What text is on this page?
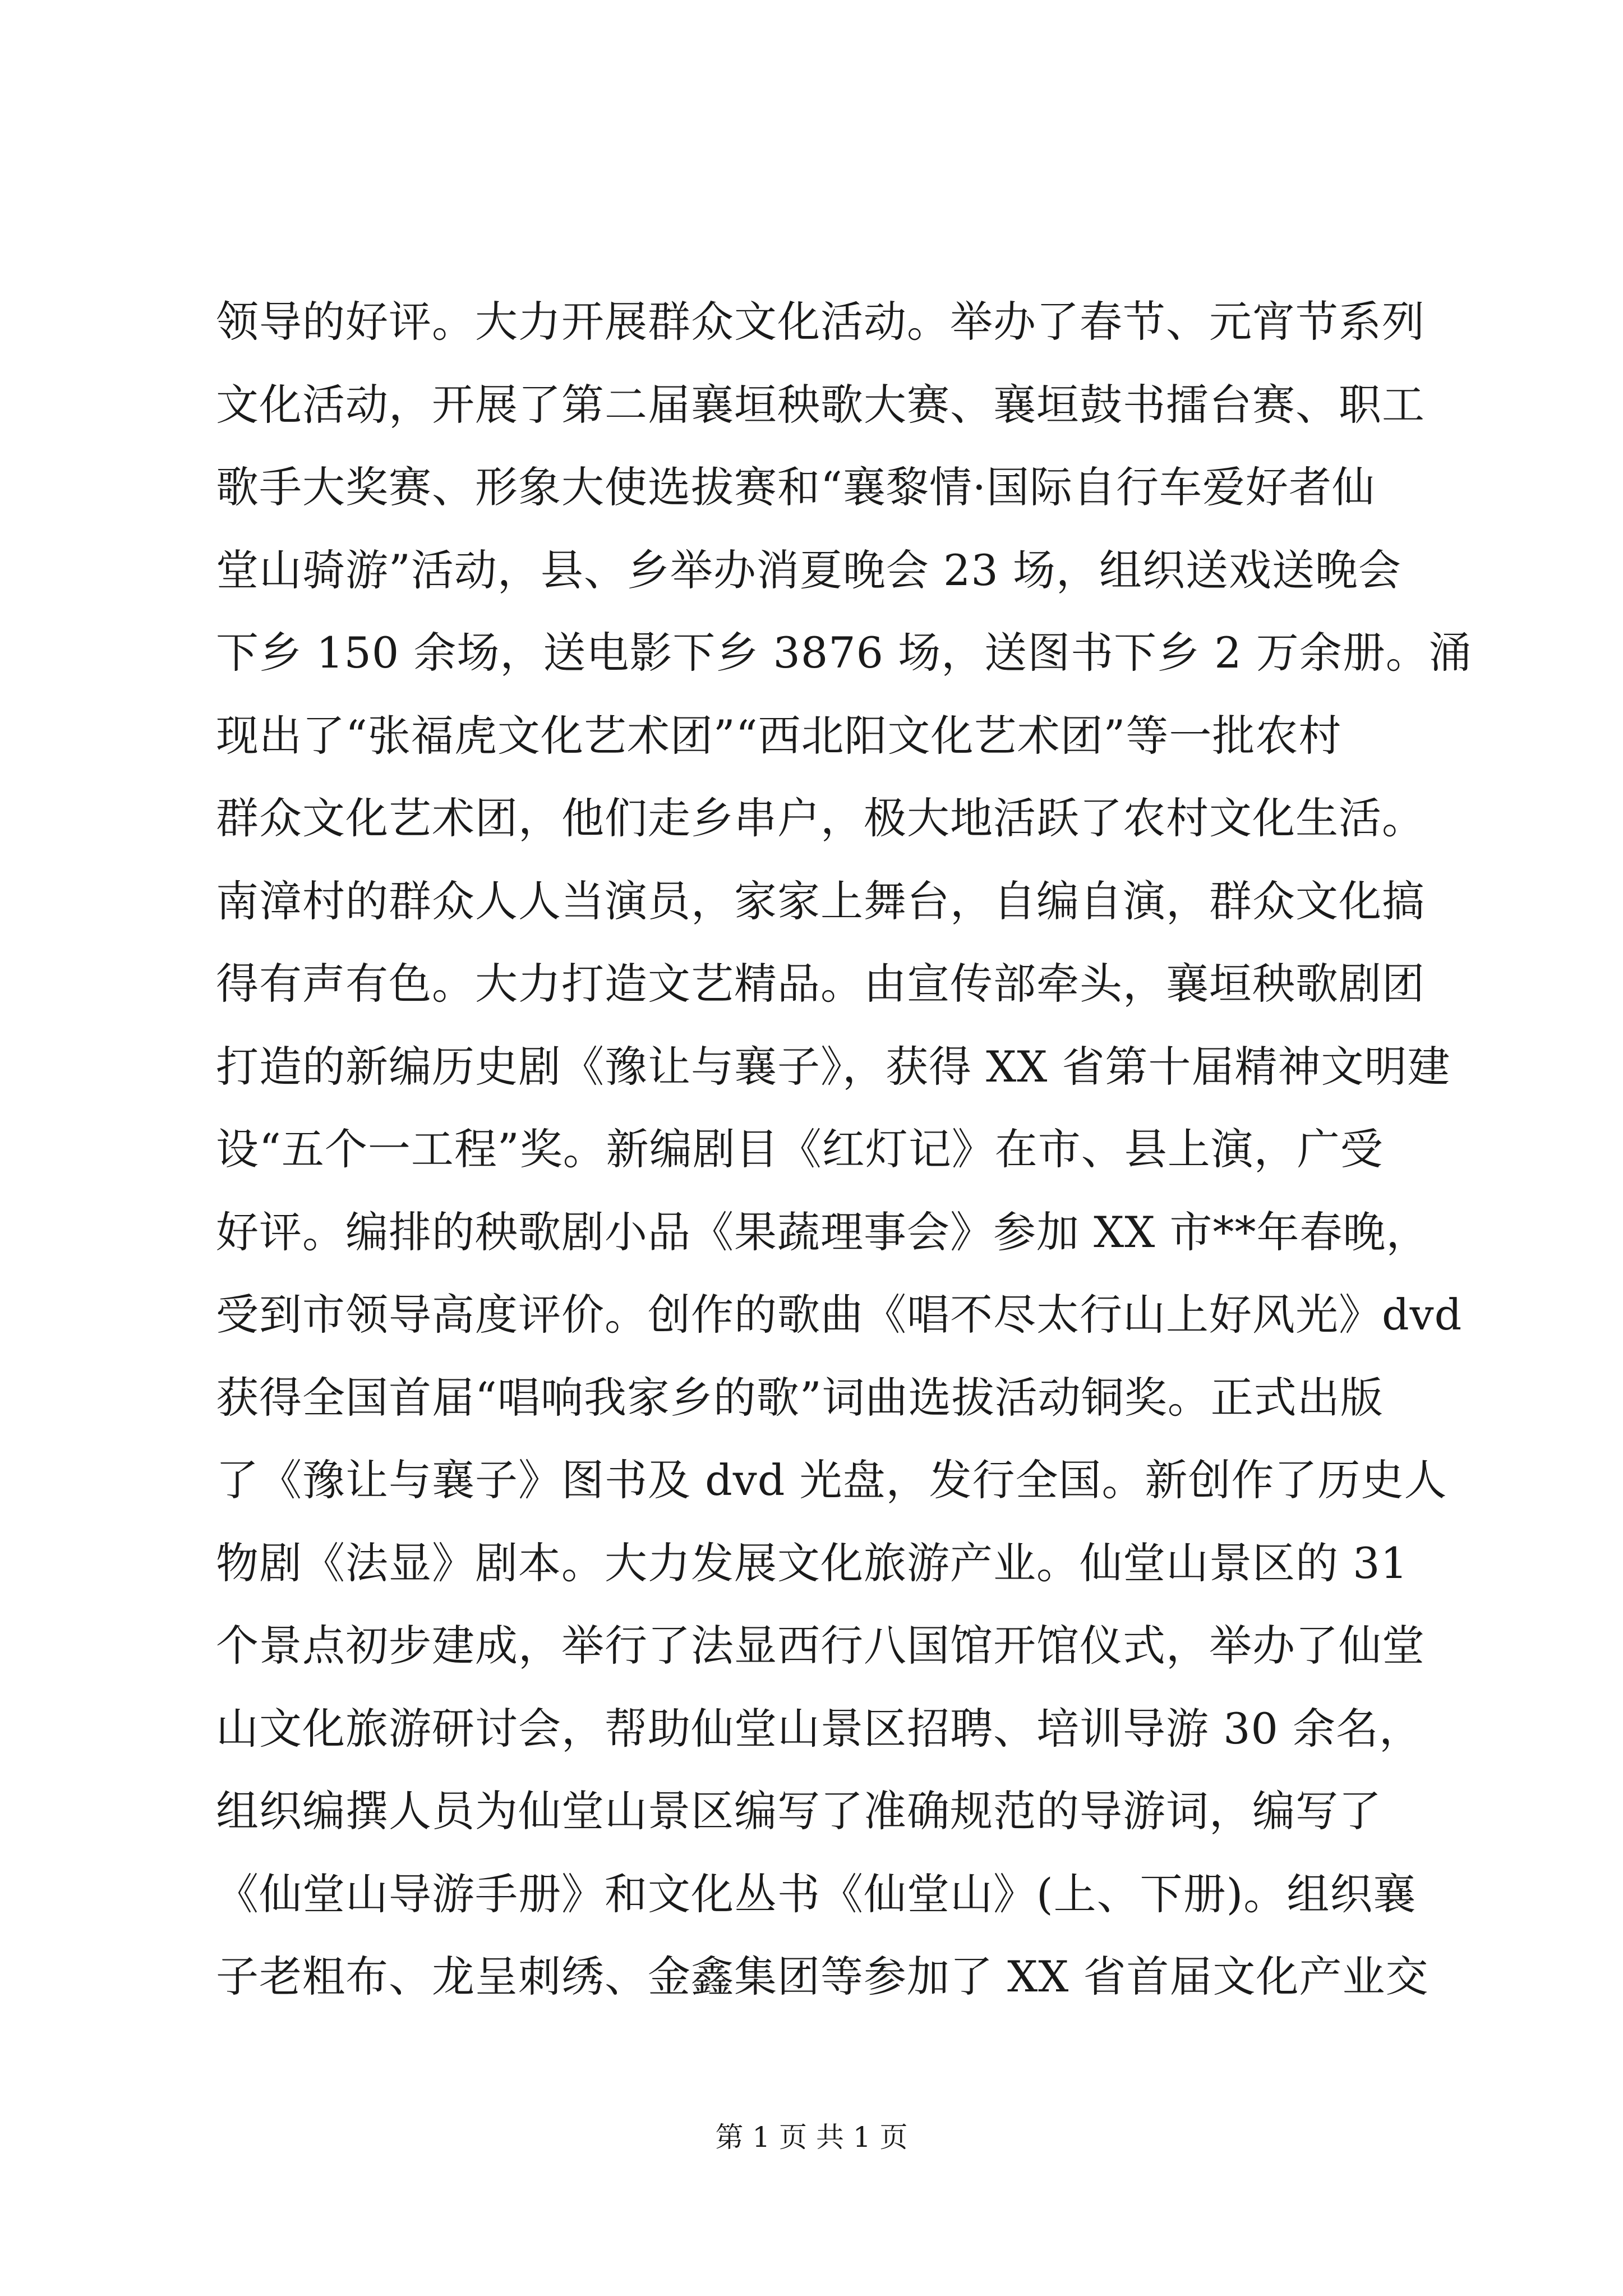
领导的好评。大力开展群众文化活动。举办了春节、元宵节系列
文化活动，开展了第二届襄垣秧歌大赛、襄垣鼓书擂台赛、职工
歌手大奖赛、形象大使选拔赛和“襄黎情·国际自行车爱好者仙
堂山骑游”活动，县、乡举办消夏晚会 23 场，组织送戏送晚会
下乡 150 余场，送电影下乡 3876 场，送图书下乡 2 万余册。涌
现出了“张福虎文化艺术团”“西北阳文化艺术团”等一批农村
群众文化艺术团，他们走乡串户，极大地活跃了农村文化生活。
南漳村的群众人人当演员，家家上舞台，自编自演，群众文化搞
得有声有色。大力打造文艺精品。由宣传部牵头，襄垣秧歌剧团
打造的新编历史剧《豫让与襄子》，获得 XX 省第十届精神文明建
设“五个一工程”奖。新编剧目《红灯记》在市、县上演，广受
好评。编排的秧歌剧小品《果蔬理事会》参加 XX 市**年春晚，
受到市领导高度评价。创作的歌曲《唱不尽太行山上好风光》dvd
获得全国首届“唱响我家乡的歌”词曲选拔活动铜奖。正式出版
了《豫让与襄子》图书及 dvd 光盘，发行全国。新创作了历史人
物剧《法显》剧本。大力发展文化旅游产业。仙堂山景区的 31
个景点初步建成，举行了法显西行八国馆开馆仪式，举办了仙堂
山文化旅游研讨会，帮助仙堂山景区招聘、培训导游 30 余名，
组织编撰人员为仙堂山景区编写了准确规范的导游词，编写了
《仙堂山导游手册》和文化丛书《仙堂山》(上、下册)。组织襄
子老粗布、龙呈刺绣、金鑫集团等参加了 XX 省首届文化产业交
第 1 页 共 1 页
